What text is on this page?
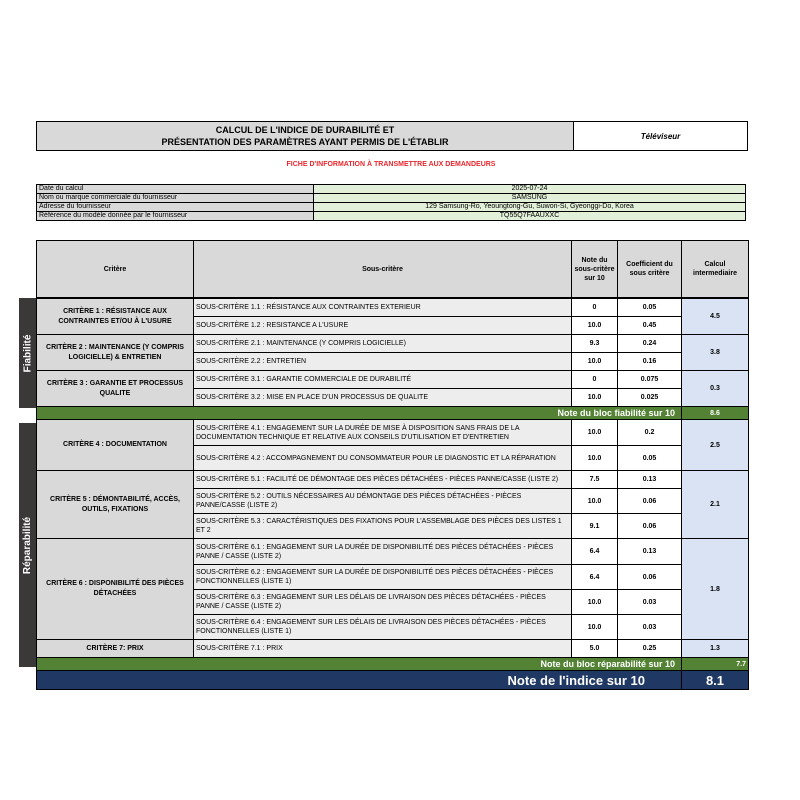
CALCUL DE L'INDICE DE DURABILITÉ ET
PRÉSENTATION DES PARAMÈTRES AYANT PERMIS DE L'ÉTABLIR
Téléviseur
FICHE D'INFORMATION À TRANSMETTRE AUX DEMANDEURS
Date du calcul	2025-07-24
Nom ou marque commerciale du fournisseur	SAMSUNG
Adresse du fournisseur	129 Samsung-Ro, Yeoungtong-Gu, Suwon-Si, Gyeonggi-Do, Korea
Référence du modèle donnée par le fournisseur	TQ55Q7FAAUXXC
Fiabilité
Réparabilité
Critère	Sous-critère	Note du sous-critère sur 10	Coefficient du sous critère	Calcul intermediaire

CRITÈRE 1 : RÉSISTANCE AUX CONTRAINTES ET/OU À L'USURE	SOUS-CRITÈRE 1.1 : RÉSISTANCE AUX CONTRAINTES EXTERIEUR	0	0.05	4.5
	SOUS-CRITÈRE 1.2 : RESISTANCE A L'USURE	10.0	0.45	
CRITÈRE 2 : MAINTENANCE (Y COMPRIS LOGICIELLE) & ENTRETIEN	SOUS-CRITÈRE 2.1 : MAINTENANCE (Y COMPRIS LOGICIELLE)	9.3	0.24	3.8
	SOUS-CRITÈRE 2.2 : ENTRETIEN	10.0	0.16	
CRITÈRE 3 : GARANTIE ET PROCESSUS QUALITE	SOUS-CRITÈRE 3.1 : GARANTIE COMMERCIALE DE DURABILITÉ	0	0.075	0.3
	SOUS-CRITÈRE 3.2 : MISE EN PLACE D'UN PROCESSUS DE QUALITE	10.0	0.025	
Note du bloc fiabilité sur 10				8.6
CRITÈRE 4 : DOCUMENTATION	SOUS-CRITÈRE 4.1 : ENGAGEMENT SUR LA DURÉE DE MISE À DISPOSITION SANS FRAIS DE LA DOCUMENTATION TECHNIQUE ET RELATIVE AUX CONSEILS D'UTILISATION ET D'ENTRETIEN	10.0	0.2	2.5
	SOUS-CRITÈRE 4.2 : ACCOMPAGNEMENT DU CONSOMMATEUR POUR LE DIAGNOSTIC ET LA RÉPARATION	10.0	0.05	
CRITÈRE 5 : DÉMONTABILITÉ, ACCÈS, OUTILS, FIXATIONS	SOUS-CRITÈRE 5.1 : FACILITÉ DE DÉMONTAGE DES PIÈCES DÉTACHÉES - PIÈCES PANNE/CASSE (LISTE 2)	7.5	0.13	2.1
	SOUS-CRITÈRE 5.2 : OUTILS NÉCESSAIRES AU DÉMONTAGE DES PIÈCES DÉTACHÉES - PIÈCES PANNE/CASSE (LISTE 2)	10.0	0.06	
	SOUS-CRITÈRE 5.3 : CARACTÉRISTIQUES DES FIXATIONS POUR L'ASSEMBLAGE DES PIÈCES DES LISTES 1 ET 2	9.1	0.06	
CRITÈRE 6 : DISPONIBILITÉ DES PIÈCES DÉTACHÉES	SOUS-CRITÈRE 6.1 : ENGAGEMENT SUR LA DURÉE DE DISPONIBILITÉ DES PIÈCES DÉTACHÉES - PIÈCES PANNE / CASSE (LISTE 2)	6.4	0.13	1.8
	SOUS-CRITÈRE 6.2 : ENGAGEMENT SUR LA DURÉE DE DISPONIBILITÉ DES PIÈCES DÉTACHÉES - PIÈCES FONCTIONNELLES (LISTE 1)	6.4	0.06	
	SOUS-CRITÈRE 6.3 : ENGAGEMENT SUR LES DÉLAIS DE LIVRAISON DES PIÈCES DÉTACHÉES - PIÈCES PANNE / CASSE (LISTE 2)	10.0	0.03	
	SOUS-CRITÈRE 6.4 : ENGAGEMENT SUR LES DÉLAIS DE LIVRAISON DES PIÈCES DÉTACHÉES - PIÈCES FONCTIONNELLES (LISTE 1)	10.0	0.03	
CRITÈRE 7: PRIX	SOUS-CRITÈRE 7.1 : PRIX	5.0	0.25	1.3
Note du bloc réparabilité sur 10				7.7
Note de l'indice sur 10				8.1
